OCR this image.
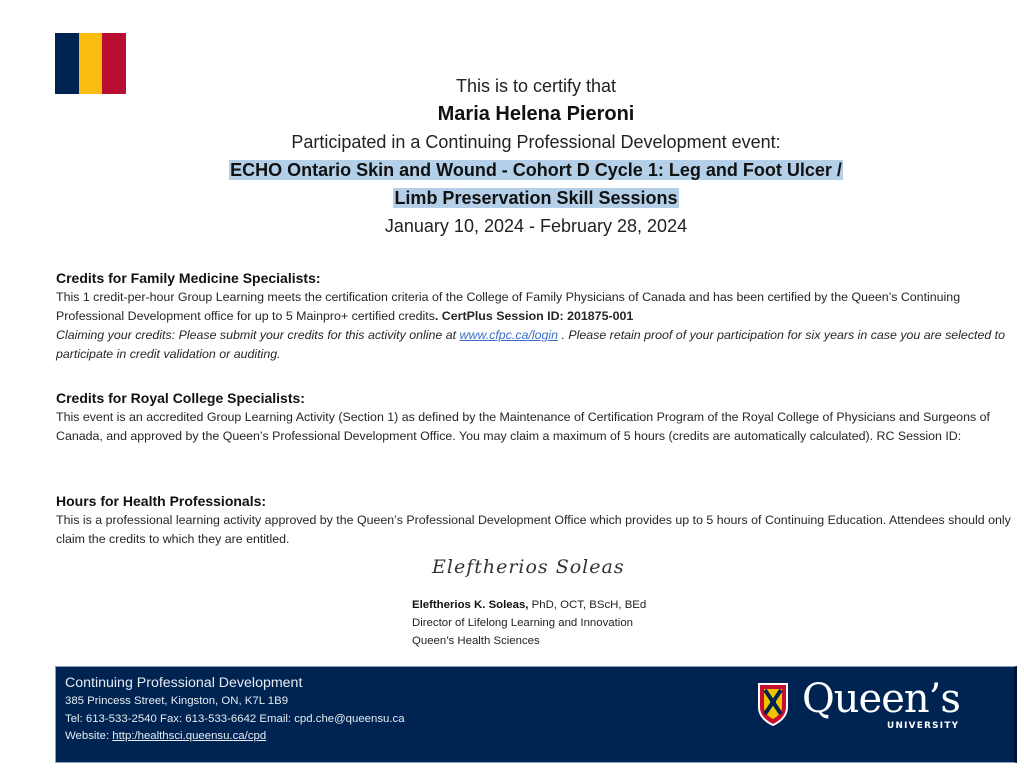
This is to certify that
Maria Helena Pieroni
Participated in a Continuing Professional Development event:
ECHO Ontario Skin and Wound - Cohort D Cycle 1: Leg and Foot Ulcer /
Limb Preservation Skill Sessions
January 10, 2024 - February 28, 2024
Credits for Family Medicine Specialists:

This 1 credit-per-hour Group Learning meets the certification criteria of the College of Family Physicians of Canada and has been certified by the Queen’s Continuing Professional Development office for up to 5 Mainpro+ certified credits. CertPlus Session ID: 201875-001

Claiming your credits: Please submit your credits for this activity online at www.cfpc.ca/login . Please retain proof of your participation for six years in case you are selected to participate in credit validation or auditing.

Credits for Royal College Specialists:

This event is an accredited Group Learning Activity (Section 1) as defined by the Maintenance of Certification Program of the Royal College of Physicians and Surgeons of Canada, and approved by the Queen’s Professional Development Office. You may claim a maximum of 5 hours (credits are automatically calculated). RC Session ID:

Hours for Health Professionals:

This is a professional learning activity approved by the Queen’s Professional Development Office which provides up to 5 hours of Continuing Education. Attendees should only claim the credits to which they are entitled.

Eleftherios Soleas
Eleftherios K. Soleas, PhD, OCT, BScH, BEd
Director of Lifelong Learning and Innovation
Queen’s Health Sciences
Continuing Professional Development
385 Princess Street, Kingston, ON, K7L 1B9
Tel: 613-533-2540 Fax: 613-533-6642 Email: cpd.che@queensu.ca
Website: http:/healthsci.queensu.ca/cpd
Queen’s
UNIVERSITY
